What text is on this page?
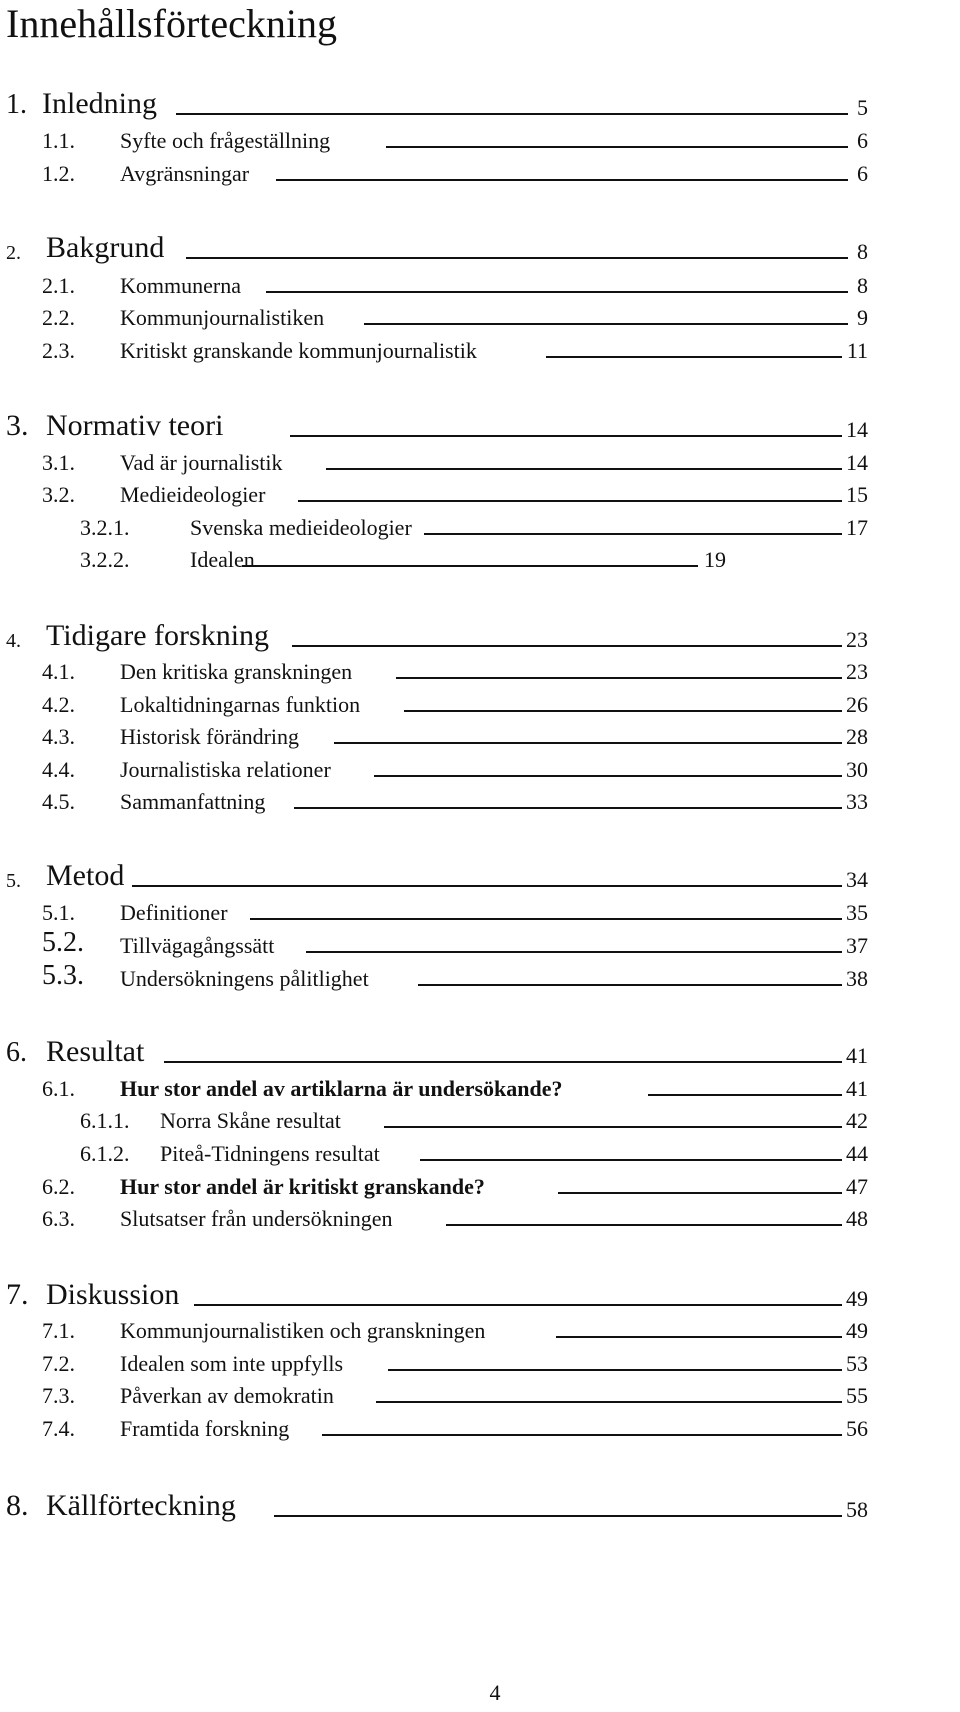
Innehållsförteckning
1. Inledning	5
1.1. Syfte och frågeställning	6
1.2. Avgränsningar	6
2. Bakgrund	8
2.1. Kommunerna	8
2.2. Kommunjournalistiken	9
2.3. Kritiskt granskande kommunjournalistik	11
3. Normativ teori	14
3.1. Vad är journalistik	14
3.2. Medieideologier	15
3.2.1.	Svenska medieideologier	17
3.2.2.	Idealen	19
4. Tidigare forskning	23
4.1. Den kritiska granskningen	23
4.2. Lokaltidningarnas funktion	26
4.3. Historisk förändring	28
4.4. Journalistiska relationer	30
4.5. Sammanfattning	33
5. Metod	34
5.1. Definitioner	35
5.2. Tillvägagångssätt	37
5.3. Undersökningens pålitlighet	38
6. Resultat	41
6.1. Hur stor andel av artiklarna är undersökande?	41
6.1.1. Norra Skåne resultat	42
6.1.2. Piteå-Tidningens resultat	44
6.2. Hur stor andel är kritiskt granskande?	47
6.3. Slutsatser från undersökningen	48
7. Diskussion	49
7.1. Kommunjournalistiken och granskningen	49
7.2. Idealen som inte uppfylls	53
7.3. Påverkan av demokratin	55
7.4. Framtida forskning	56
8. Källförteckning	58
4
